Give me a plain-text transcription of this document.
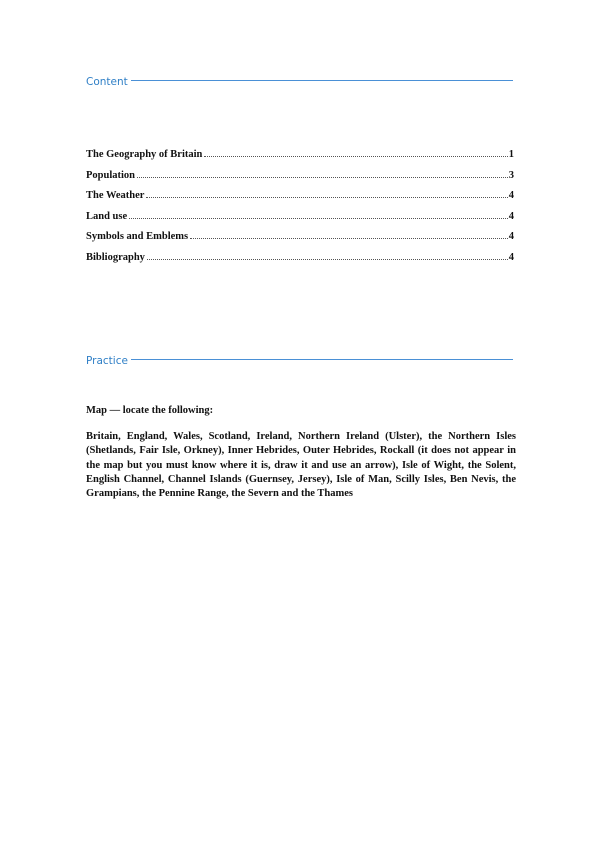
Content
The Geography of Britain	1
Population	3
The Weather	4
Land use	4
Symbols and Emblems	4
Bibliography	4
Practice

Map — locate the following:

Britain, England, Wales, Scotland, Ireland, Northern Ireland (Ulster), the Northern Isles (Shetlands, Fair Isle, Orkney), Inner Hebrides, Outer Hebrides, Rockall (it does not appear in the map but you must know where it is, draw it and use an arrow), Isle of Wight, the Solent, English Channel, Channel Islands (Guernsey, Jersey), Isle of Man, Scilly Isles, Ben Nevis, the Grampians, the Pennine Range, the Severn and the Thames
